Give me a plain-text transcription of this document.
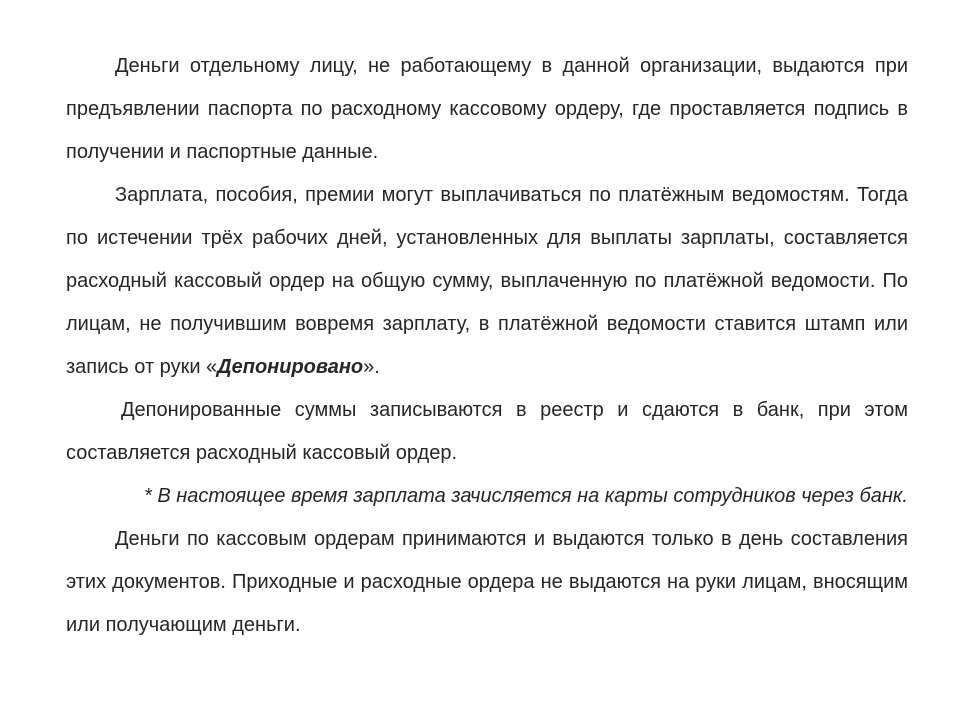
Деньги отдельному лицу, не работающему в данной организации, выдаются при предъявлении паспорта по расходному кассовому ордеру, где проставляется подпись в получении и паспортные данные.

Зарплата, пособия, премии могут выплачиваться по платёжным ведомостям. Тогда по истечении трёх рабочих дней, установленных для выплаты зарплаты, составляется расходный кассовый ордер на общую сумму, выплаченную по платёжной ведомости. По лицам, не получившим вовремя зарплату, в платёжной ведомости ставится штамп или запись от руки «Депонировано».

Депонированные суммы записываются в реестр и сдаются в банк, при этом составляется расходный кассовый ордер.

* В настоящее время зарплата зачисляется на карты сотрудников через банк.

Деньги по кассовым ордерам принимаются и выдаются только в день составления этих документов. Приходные и расходные ордера не выдаются на руки лицам, вносящим или получающим деньги.
